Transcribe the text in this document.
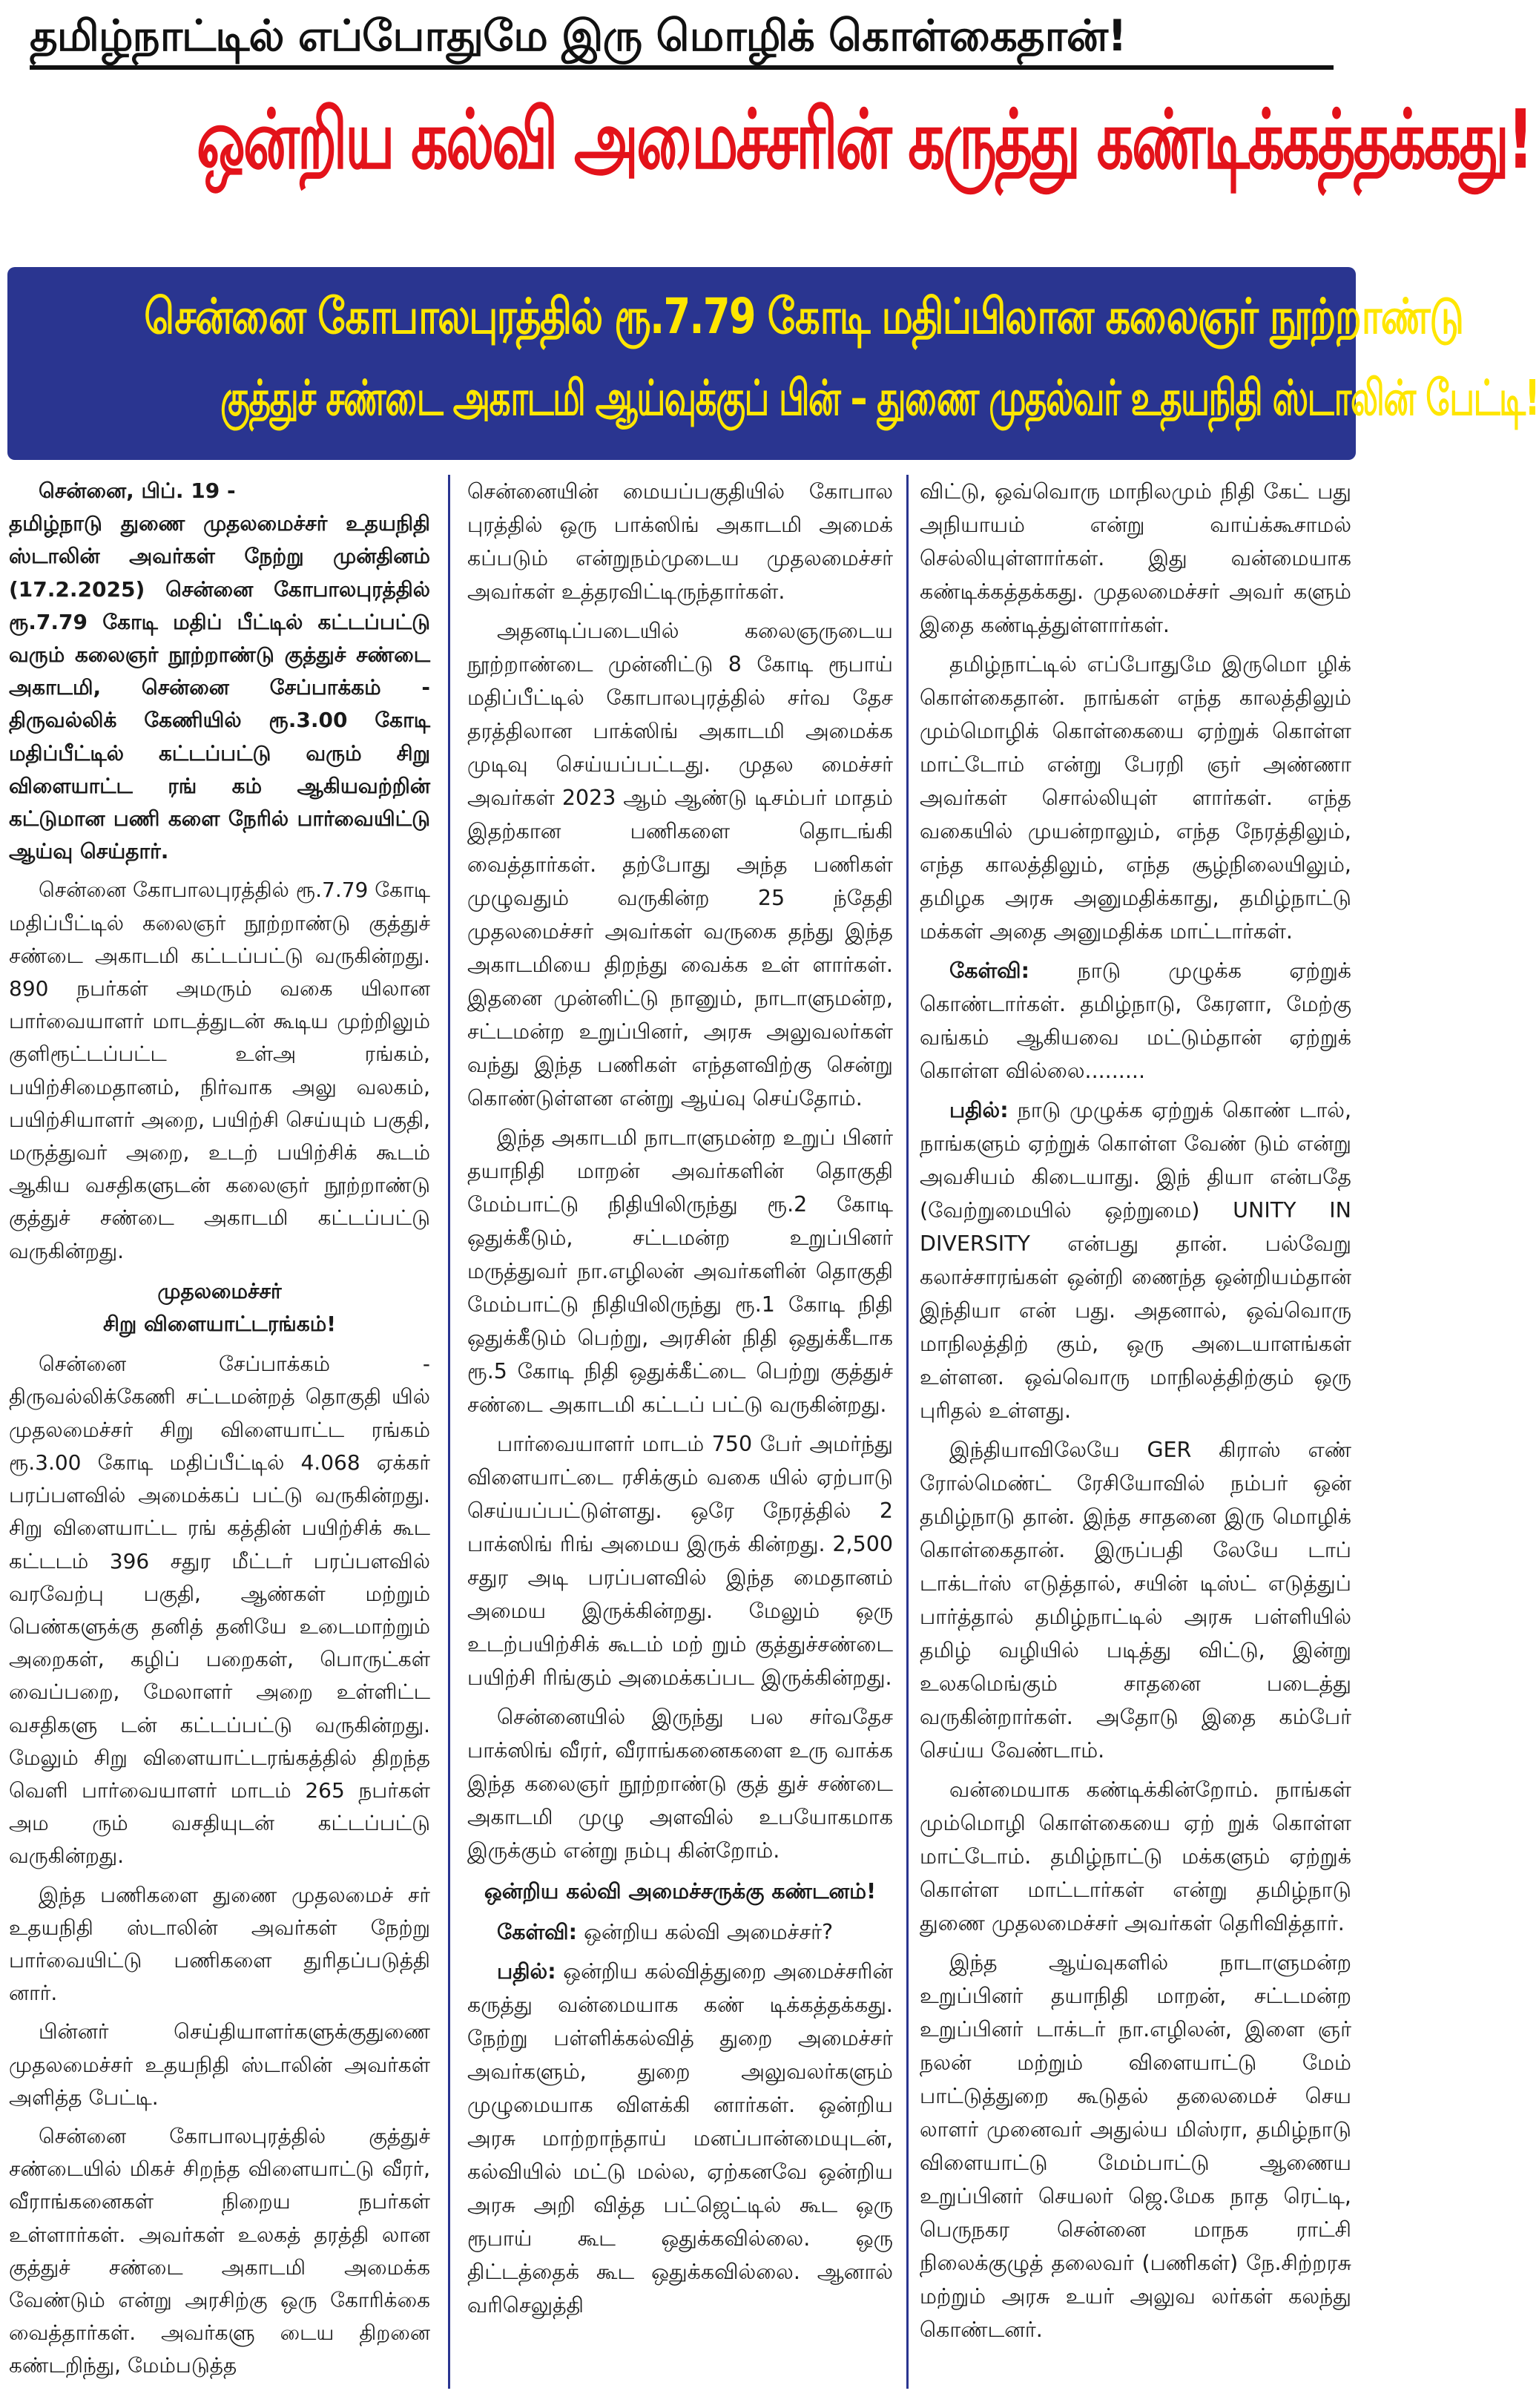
தமிழ்நாட்டில் எப்போதுமே இரு மொழிக் கொள்கைதான்!
ஒன்றிய கல்வி அமைச்சரின் கருத்து கண்டிக்கத்தக்கது!
சென்னை கோபாலபுரத்தில் ரூ.7.79 கோடி மதிப்பிலான கலைஞர் நூற்றாண்டு
குத்துச் சண்டை அகாடமி ஆய்வுக்குப் பின் – துணை முதல்வர் உதயநிதி ஸ்டாலின் பேட்டி!

சென்னை, பிப். 19 -
தமிழ்நாடு துணை முதலமைச்சர் உதயநிதி ஸ்டாலின் அவர்கள் நேற்று முன்தினம் (17.2.2025) சென்னை கோபாலபுரத்தில் ரூ.7.79 கோடி மதிப் பீட்டில் கட்டப்பட்டு வரும் கலைஞர் நூற்றாண்டு குத்துச் சண்டை அகாடமி, சென்னை சேப்பாக்கம் - திருவல்லிக் கேணியில் ரூ.3.00 கோடி மதிப்பீட்டில் கட்டப்பட்டு வரும் சிறு விளையாட்ட ரங் கம் ஆகியவற்றின் கட்டுமான பணி களை நேரில் பார்வையிட்டு ஆய்வு செய்தார்.

சென்னை கோபாலபுரத்தில் ரூ.7.79 கோடி மதிப்பீட்டில் கலைஞர் நூற்றாண்டு குத்துச் சண்டை அகாடமி கட்டப்பட்டு வருகின்றது. 890 நபர்கள் அமரும் வகை யிலான பார்வையாளர் மாடத்துடன் கூடிய முற்றிலும் குளிரூட்டப்பட்ட உள்அ ரங்கம், பயிற்சிமைதானம், நிர்வாக அலு வலகம், பயிற்சியாளர் அறை, பயிற்சி செய்யும் பகுதி, மருத்துவர் அறை, உடற் பயிற்சிக் கூடம் ஆகிய வசதிகளுடன் கலைஞர் நூற்றாண்டு குத்துச் சண்டை அகாடமி கட்டப்பட்டு வருகின்றது.

முதலமைச்சர்
சிறு விளையாட்டரங்கம்!

சென்னை சேப்பாக்கம் - திருவல்லிக்கேணி சட்டமன்றத் தொகுதி யில் முதலமைச்சர் சிறு விளையாட்ட ரங்கம் ரூ.3.00 கோடி மதிப்பீட்டில் 4.068 ஏக்கர் பரப்பளவில் அமைக்கப் பட்டு வருகின்றது. சிறு விளையாட்ட ரங் கத்தின் பயிற்சிக் கூட கட்டடம் 396 சதுர மீட்டர் பரப்பளவில் வரவேற்பு பகுதி, ஆண்கள் மற்றும் பெண்களுக்கு தனித் தனியே உடைமாற்றும் அறைகள், கழிப் பறைகள், பொருட்கள் வைப்பறை, மேலாளர் அறை உள்ளிட்ட வசதிகளு டன் கட்டப்பட்டு வருகின்றது. மேலும் சிறு விளையாட்டரங்கத்தில் திறந்த வெளி பார்வையாளர் மாடம் 265 நபர்கள் அம ரும் வசதியுடன் கட்டப்பட்டு வருகின்றது.

இந்த பணிகளை துணை முதலமைச் சர் உதயநிதி ஸ்டாலின் அவர்கள் நேற்று பார்வையிட்டு பணிகளை துரிதப்படுத்தி னார்.

பின்னர் செய்தியாளர்களுக்குதுணை முதலமைச்சர் உதயநிதி ஸ்டாலின் அவர்கள் அளித்த பேட்டி.

சென்னை கோபாலபுரத்தில் குத்துச் சண்டையில் மிகச் சிறந்த விளையாட்டு வீரர், வீராங்கனைகள் நிறைய நபர்கள் உள்ளார்கள். அவர்கள் உலகத் தரத்தி லான குத்துச் சண்டை அகாடமி அமைக்க வேண்டும் என்று அரசிற்கு ஒரு கோரிக்கை வைத்தார்கள். அவர்களு டைய திறனை கண்டறிந்து, மேம்படுத்த

சென்னையின் மையப்பகுதியில் கோபால புரத்தில் ஒரு பாக்ஸிங் அகாடமி அமைக் கப்படும் என்றுநம்முடைய முதலமைச்சர் அவர்கள் உத்தரவிட்டிருந்தார்கள்.

அதனடிப்படையில் கலைஞருடைய நூற்றாண்டை முன்னிட்டு 8 கோடி ரூபாய் மதிப்பீட்டில் கோபாலபுரத்தில் சர்வ தேச தரத்திலான பாக்ஸிங் அகாடமி அமைக்க முடிவு செய்யப்பட்டது. முதல மைச்சர் அவர்கள் 2023 ஆம் ஆண்டு டிசம்பர் மாதம் இதற்கான பணிகளை தொடங்கி வைத்தார்கள். தற்போது அந்த பணிகள் முழுவதும் வருகின்ற 25 ந்தேதி முதலமைச்சர் அவர்கள் வருகை தந்து இந்த அகாடமியை திறந்து வைக்க உள் ளார்கள். இதனை முன்னிட்டு நானும், நாடாளுமன்ற, சட்டமன்ற உறுப்பினர், அரசு அலுவலர்கள் வந்து இந்த பணிகள் எந்தளவிற்கு சென்று கொண்டுள்ளன என்று ஆய்வு செய்தோம்.

இந்த அகாடமி நாடாளுமன்ற உறுப் பினர் தயாநிதி மாறன் அவர்களின் தொகுதி மேம்பாட்டு நிதியிலிருந்து ரூ.2 கோடி ஒதுக்கீடும், சட்டமன்ற உறுப்பினர் மருத்துவர் நா.எழிலன் அவர்களின் தொகுதி மேம்பாட்டு நிதியிலிருந்து ரூ.1 கோடி நிதி ஒதுக்கீடும் பெற்று, அரசின் நிதி ஒதுக்கீடாக ரூ.5 கோடி நிதி ஒதுக்கீட்டை பெற்று குத்துச் சண்டை அகாடமி கட்டப் பட்டு வருகின்றது.

பார்வையாளர் மாடம் 750 பேர் அமர்ந்து விளையாட்டை ரசிக்கும் வகை யில் ஏற்பாடு செய்யப்பட்டுள்ளது. ஒரே நேரத்தில் 2 பாக்ஸிங் ரிங் அமைய இருக் கின்றது. 2,500 சதுர அடி பரப்பளவில் இந்த மைதானம் அமைய இருக்கின்றது. மேலும் ஒரு உடற்பயிற்சிக் கூடம் மற் றும் குத்துச்சண்டை பயிற்சி ரிங்கும் அமைக்கப்பட இருக்கின்றது.

சென்னையில் இருந்து பல சர்வதேச பாக்ஸிங் வீரர், வீராங்கனைகளை உரு வாக்க இந்த கலைஞர் நூற்றாண்டு குத் துச் சண்டை அகாடமி முழு அளவில் உபயோகமாக இருக்கும் என்று நம்பு கின்றோம்.

ஒன்றிய கல்வி அமைச்சருக்கு கண்டனம்!

கேள்வி: ஒன்றிய கல்வி அமைச்சர்?

பதில்: ஒன்றிய கல்வித்துறை அமைச்சரின் கருத்து வன்மையாக கண் டிக்கத்தக்கது. நேற்று பள்ளிக்கல்வித் துறை அமைச்சர் அவர்களும், துறை அலுவலர்களும் முழுமையாக விளக்கி னார்கள். ஒன்றிய அரசு மாற்றாந்தாய் மனப்பான்மையுடன், கல்வியில் மட்டு மல்ல, ஏற்கனவே ஒன்றிய அரசு அறி வித்த பட்ஜெட்டில் கூட ஒரு ரூபாய் கூட ஒதுக்கவில்லை. ஒரு திட்டத்தைக் கூட ஒதுக்கவில்லை. ஆனால் வரிசெலுத்தி

விட்டு, ஒவ்வொரு மாநிலமும் நிதி கேட் பது அநியாயம் என்று வாய்க்கூசாமல் செல்லியுள்ளார்கள். இது வன்மையாக கண்டிக்கத்தக்கது. முதலமைச்சர் அவர் களும் இதை கண்டித்துள்ளார்கள்.

தமிழ்நாட்டில் எப்போதுமே இருமொ ழிக் கொள்கைதான். நாங்கள் எந்த காலத்திலும் மும்மொழிக் கொள்கையை ஏற்றுக் கொள்ள மாட்டோம் என்று பேரறி ஞர் அண்ணா அவர்கள் சொல்லியுள் ளார்கள். எந்த வகையில் முயன்றாலும், எந்த நேரத்திலும், எந்த காலத்திலும், எந்த சூழ்நிலையிலும், தமிழக அரசு அனுமதிக்காது, தமிழ்நாட்டு மக்கள் அதை அனுமதிக்க மாட்டார்கள்.

கேள்வி: நாடு முழுக்க ஏற்றுக் கொண்டார்கள். தமிழ்நாடு, கேரளா, மேற்கு வங்கம் ஆகியவை மட்டும்தான் ஏற்றுக் கொள்ள வில்லை.........

பதில்: நாடு முழுக்க ஏற்றுக் கொண் டால், நாங்களும் ஏற்றுக் கொள்ள வேண் டும் என்று அவசியம் கிடையாது. இந் தியா என்பதே (வேற்றுமையில் ஒற்றுமை) UNITY IN DIVERSITY என்பது தான். பல்வேறு கலாச்சாரங்கள் ஒன்றி ணைந்த ஒன்றியம்தான் இந்தியா என் பது. அதனால், ஒவ்வொரு மாநிலத்திற் கும், ஒரு அடையாளங்கள் உள்ளன. ஒவ்வொரு மாநிலத்திற்கும் ஒரு புரிதல் உள்ளது.

இந்தியாவிலேயே GER கிராஸ் எண் ரோல்மெண்ட் ரேசியோவில் நம்பர் ஒன் தமிழ்நாடு தான். இந்த சாதனை இரு மொழிக் கொள்கைதான். இருப்பதி லேயே டாப் டாக்டர்ஸ் எடுத்தால், சயின் டிஸ்ட் எடுத்துப் பார்த்தால் தமிழ்நாட்டில் அரசு பள்ளியில் தமிழ் வழியில் படித்து விட்டு, இன்று உலகமெங்கும் சாதனை படைத்து வருகின்றார்கள். அதோடு இதை கம்பேர் செய்ய வேண்டாம்.

வன்மையாக கண்டிக்கின்றோம். நாங்கள் மும்மொழி கொள்கையை ஏற் றுக் கொள்ள மாட்டோம். தமிழ்நாட்டு மக்களும் ஏற்றுக் கொள்ள மாட்டார்கள் என்று தமிழ்நாடு துணை முதலமைச்சர் அவர்கள் தெரிவித்தார்.

இந்த ஆய்வுகளில் நாடாளுமன்ற உறுப்பினர் தயாநிதி மாறன், சட்டமன்ற உறுப்பினர் டாக்டர் நா.எழிலன், இளை ஞர் நலன் மற்றும் விளையாட்டு மேம் பாட்டுத்துறை கூடுதல் தலைமைச் செய லாளர் முனைவர் அதுல்ய மிஸ்ரா, தமிழ்நாடு விளையாட்டு மேம்பாட்டு ஆணைய உறுப்பினர் செயலர் ஜெ.மேக நாத ரெட்டி, பெருநகர சென்னை மாநக ராட்சி நிலைக்குழுத் தலைவர் (பணிகள்) நே.சிற்றரசு மற்றும் அரசு உயர் அலுவ லர்கள் கலந்து கொண்டனர்.
